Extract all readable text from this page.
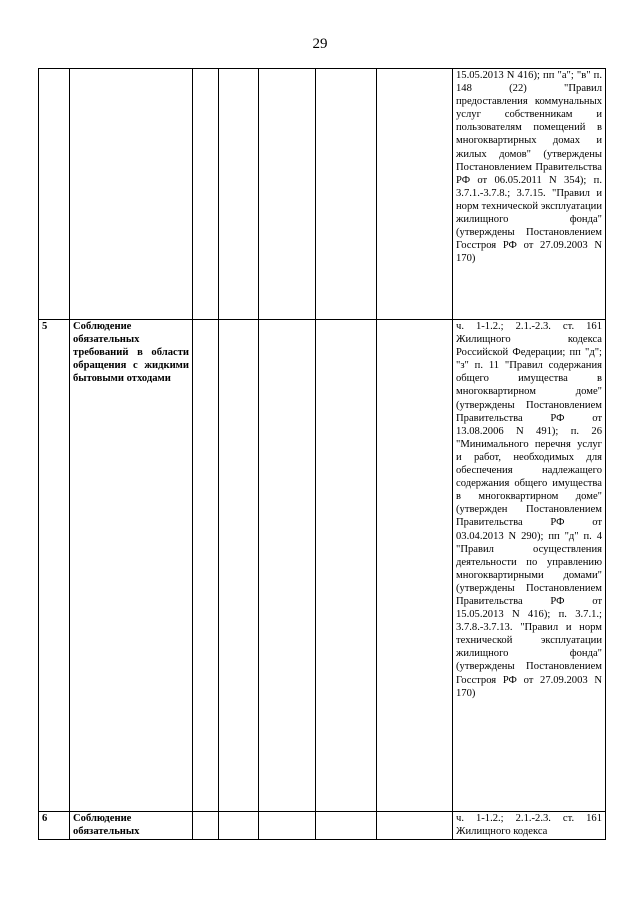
29
							15.05.2013 N 416); пп "а"; "в" п. 148 (22) "Правил предоставления коммунальных услуг собственникам и пользователям помещений в многоквартирных домах и жилых домов" (утверждены Постановлением Правительства РФ от 06.05.2011 N 354); п. 3.7.1.-3.7.8.; 3.7.15. "Правил и норм технической эксплуатации жилищного фонда" (утверждены Постановлением Госстроя РФ от 27.09.2003 N 170)
5	Соблюдение обязательных требований в области обращения с жидкими бытовыми отходами						ч. 1-1.2.; 2.1.-2.3. ст. 161 Жилищного кодекса Российской Федерации; пп "д"; "з" п. 11 "Правил содержания общего имущества в многоквартирном доме" (утверждены Постановлением Правительства РФ от 13.08.2006 N 491); п. 26 "Минимального перечня услуг и работ, необходимых для обеспечения надлежащего содержания общего имущества в многоквартирном доме" (утвержден Постановлением Правительства РФ от 03.04.2013 N 290); пп "д" п. 4 "Правил осуществления деятельности по управлению многоквартирными домами" (утверждены Постановлением Правительства РФ от 15.05.2013 N 416); п. 3.7.1.; 3.7.8.-3.7.13. "Правил и норм технической эксплуатации жилищного фонда" (утверждены Постановлением Госстроя РФ от 27.09.2003 N 170)
6	Соблюдение обязательных						ч. 1-1.2.; 2.1.-2.3. ст. 161 Жилищного кодекса
